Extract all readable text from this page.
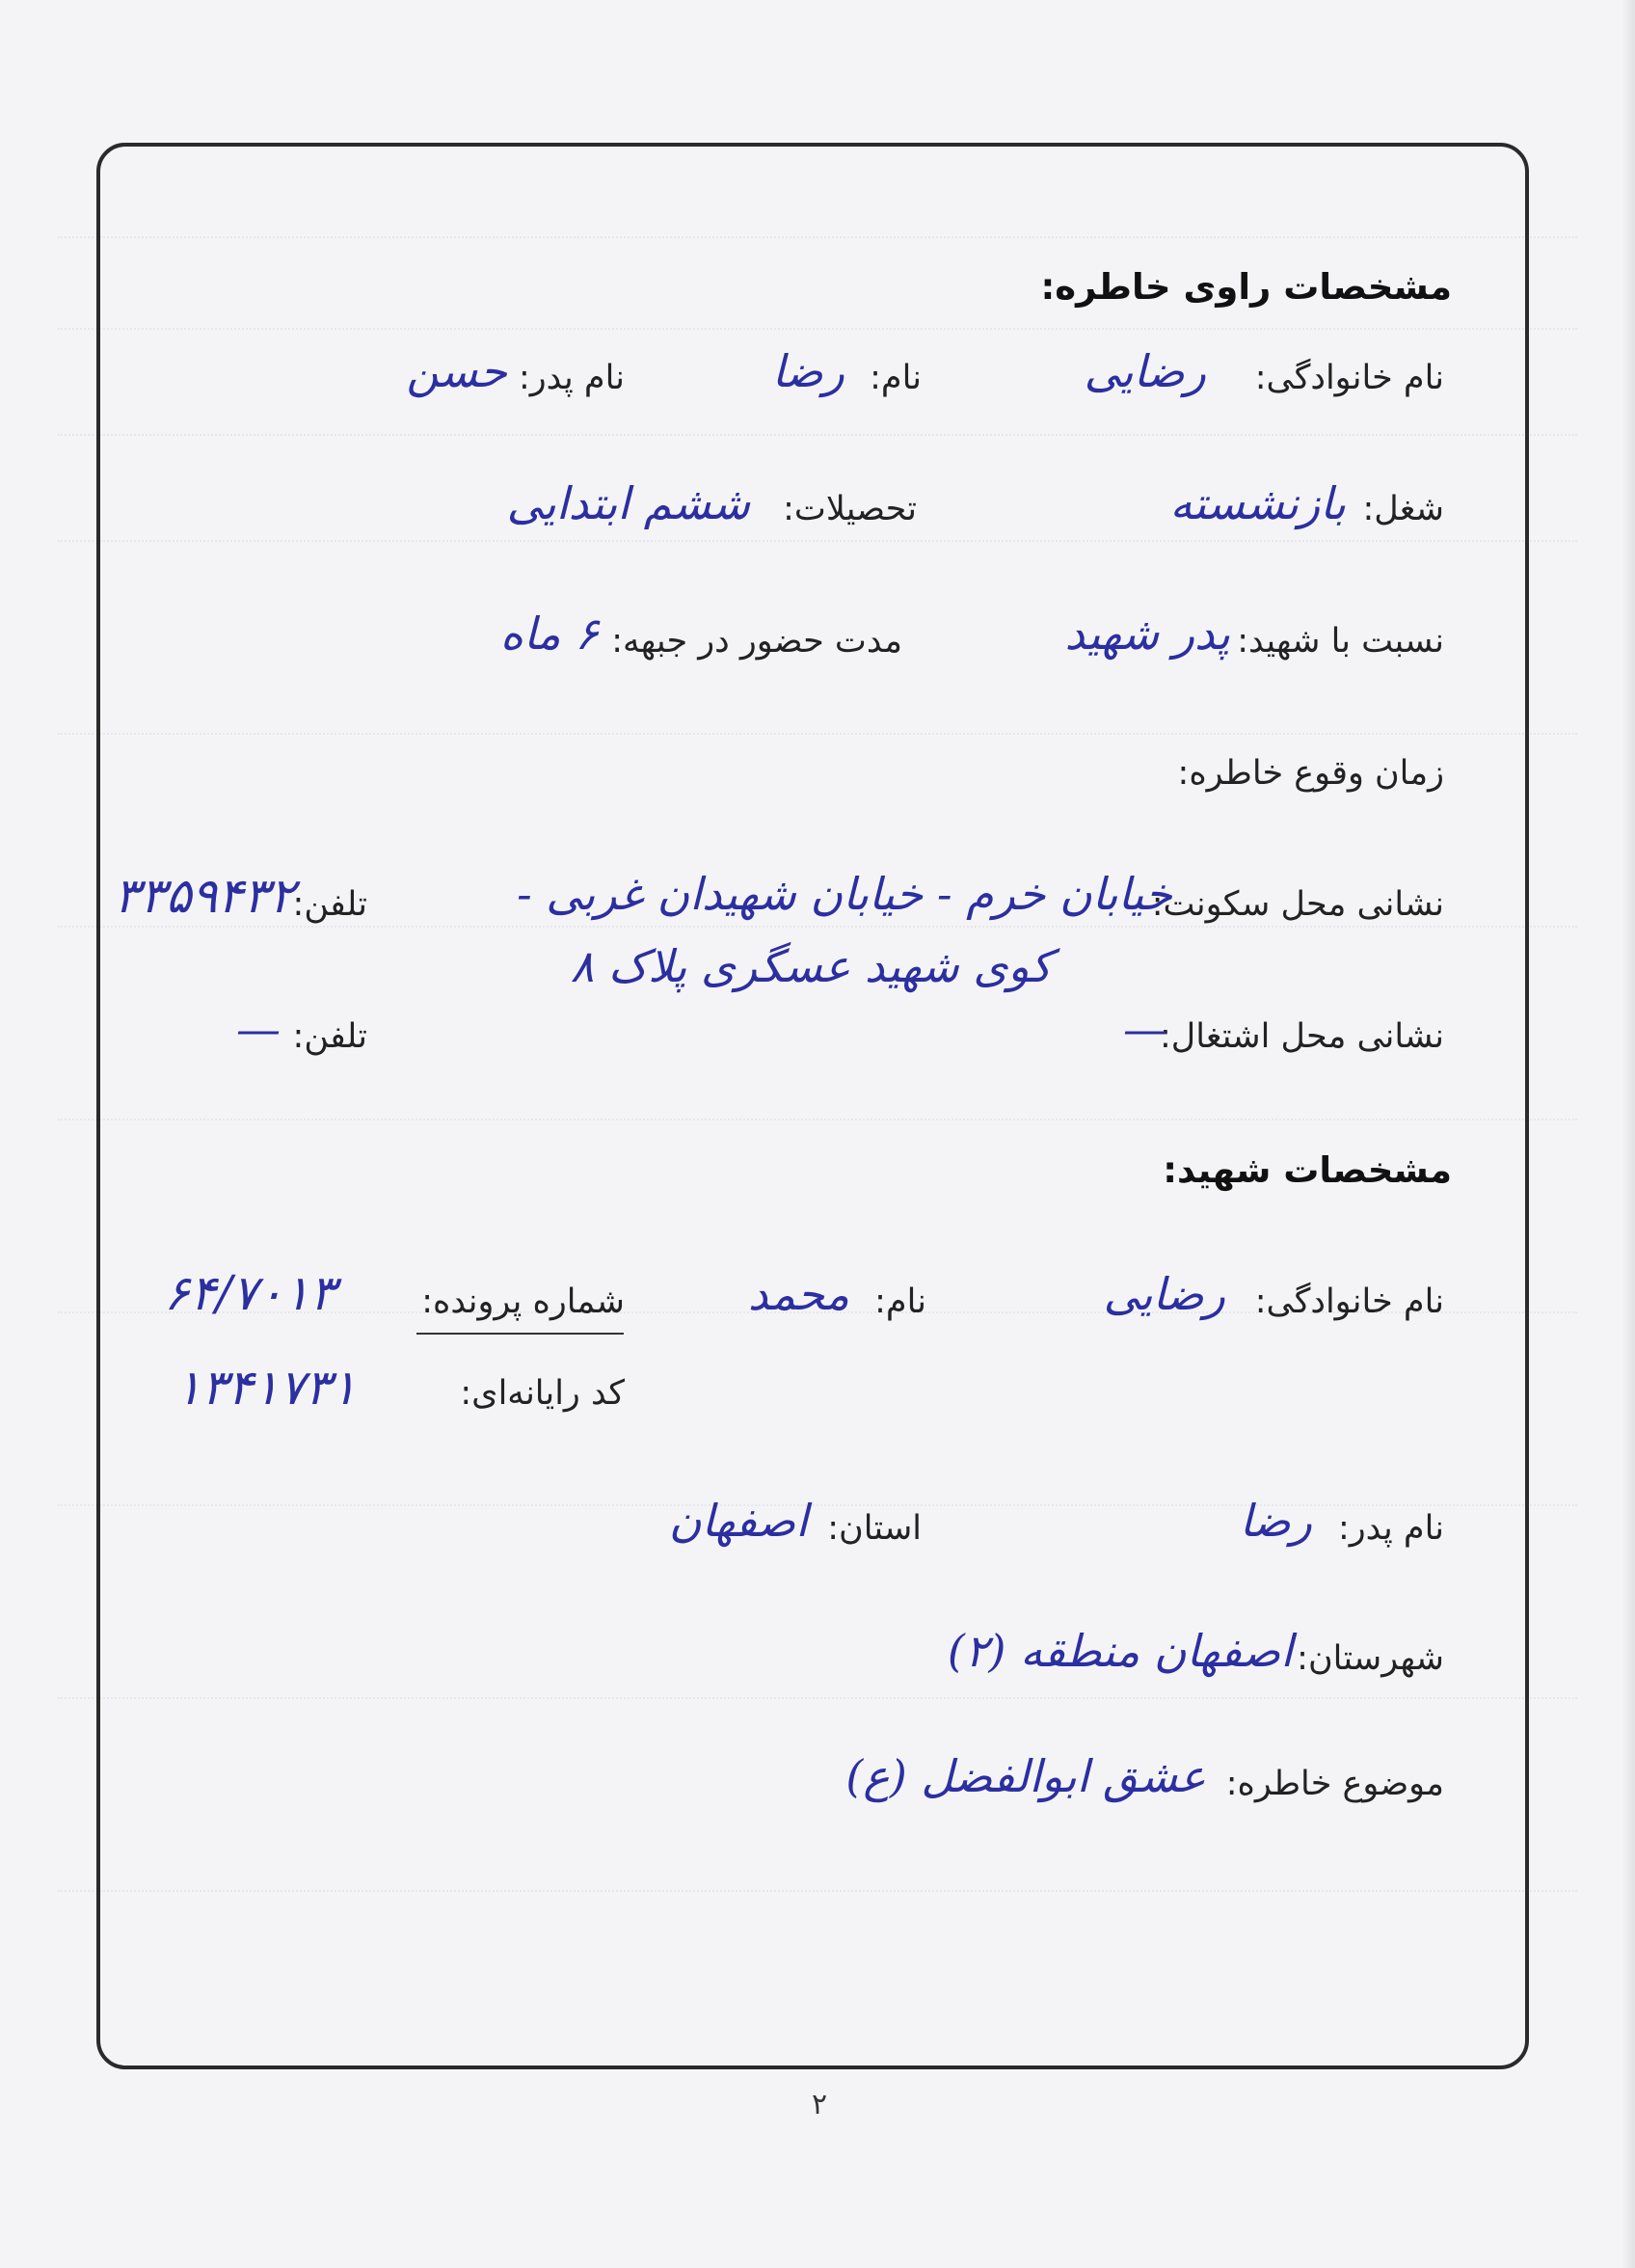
مشخصات راوی خاطره:
نام خانوادگی:
رضایی
نام:
رضا
نام پدر:
حسن
شغل:
بازنشسته
تحصیلات:
ششم ابتدایی
نسبت با شهید:
پدر شهید
مدت حضور در جبهه:
۶ ماه
زمان وقوع خاطره:
نشانی محل سکونت:
خیابان خرم - خیابان شهیدان غربی -
کوی شهید عسگری پلاک ۸
تلفن:
۳۳۵۹۴۳۲
نشانی محل اشتغال:
—
تلفن:
—
مشخصات شهید:
نام خانوادگی:
رضایی
نام:
محمد
شماره پرونده:
۶۴/۷۰۱۳
کد رایانه‌ای:
۱۳۴۱۷۳۱
نام پدر:
رضا
استان:
اصفهان
شهرستان:
اصفهان منطقه (۲)
موضوع خاطره:
عشق ابوالفضل (ع)
۲
